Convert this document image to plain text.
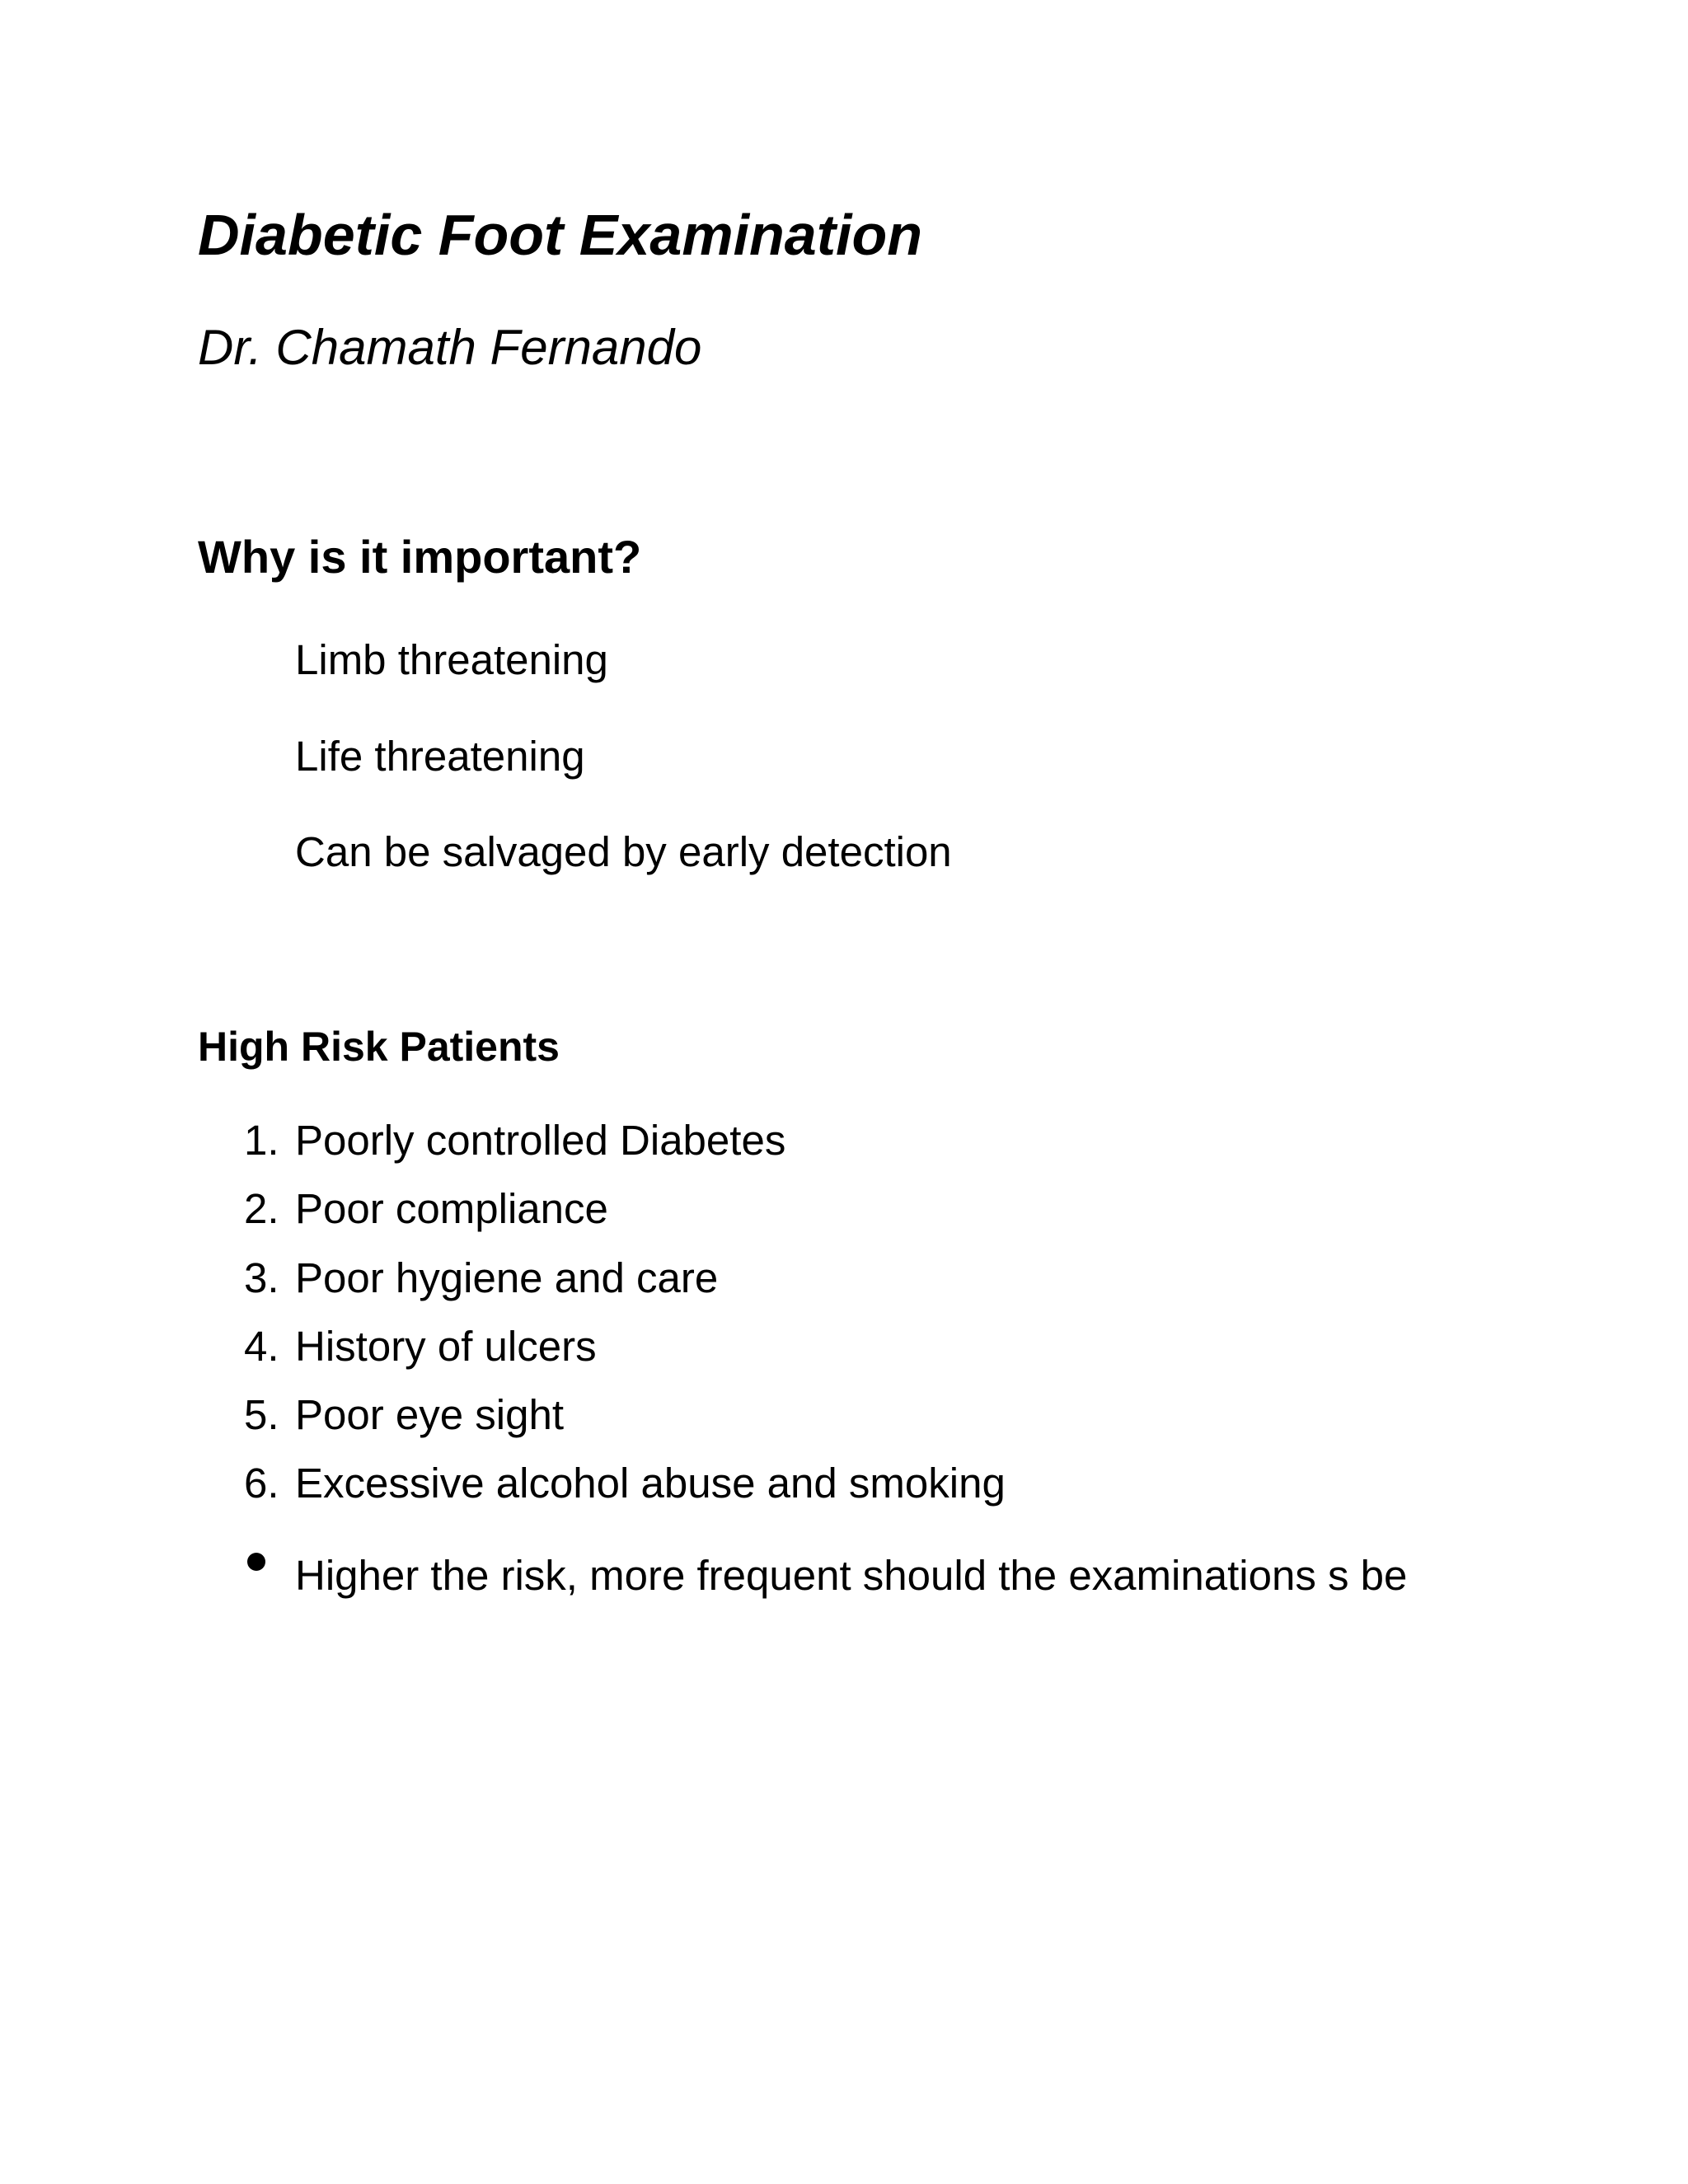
Diabetic Foot Examination
Dr. Chamath Fernando
Why is it important?
Limb threatening
Life threatening
Can be salvaged by early detection
High Risk Patients
1. Poorly controlled Diabetes
2. Poor compliance
3. Poor hygiene and care
4. History of ulcers
5. Poor eye sight
6. Excessive alcohol abuse and smoking
Higher the risk, more frequent should the examinations s be
